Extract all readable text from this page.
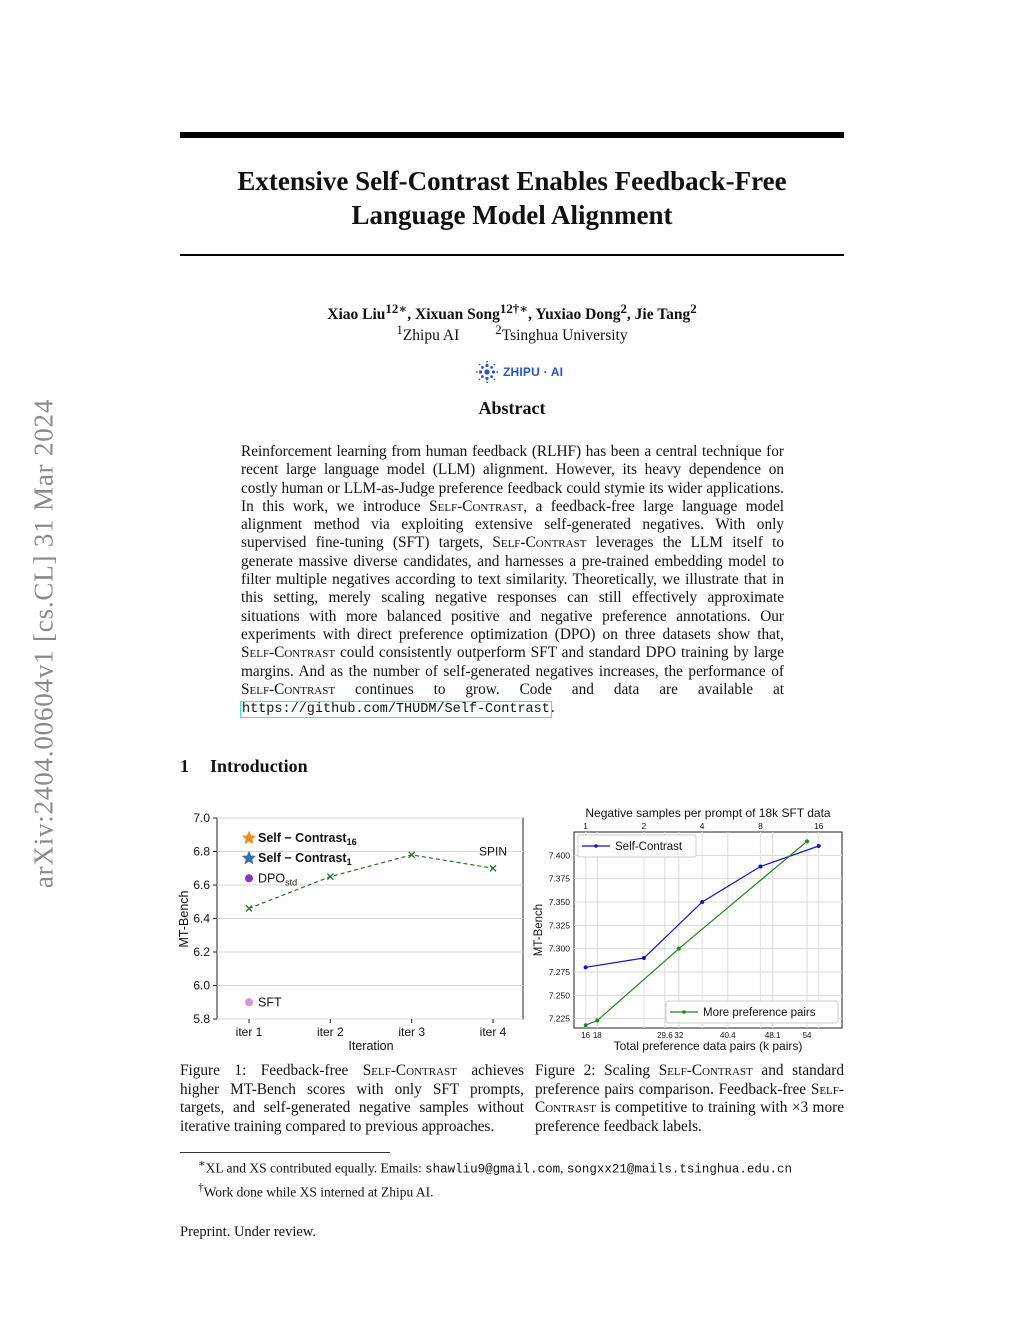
arXiv:2404.00604v1 [cs.CL] 31 Mar 2024
Extensive Self-Contrast Enables Feedback-Free
Language Model Alignment
Xiao Liu$^{12∗}$, Xixuan Song$^{12\dagger∗}$, Yuxiao Dong$^2$, Jie Tang$^2$
$^1$Zhipu AI	$^2$Tsinghua University
ZHIPU · AI
Abstract
Reinforcement learning from human feedback (RLHF) has been a central technique for recent large language model (LLM) alignment. However, its heavy dependence on costly human or LLM-as-Judge preference feedback could stymie its wider applications. In this work, we introduce Self-Contrast, a feedback-free large language model alignment method via exploiting extensive self-generated negatives. With only supervised fine-tuning (SFT) targets, Self-Contrast leverages the LLM itself to generate massive diverse candidates, and harnesses a pre-trained embedding model to filter multiple negatives according to text similarity. Theoretically, we illustrate that in this setting, merely scaling negative responses can still effectively approximate situations with more balanced positive and negative preference annotations. Our experiments with direct preference optimization (DPO) on three datasets show that, Self-Contrast could consistently outperform SFT and standard DPO training by large margins. And as the number of self-generated negatives increases, the performance of Self-Contrast continues to grow. Code and data are available at https://github.com/THUDM/Self-Contrast.
1 Introduction
5.8
6.0
6.2
6.4
6.6
6.8
7.0
iter 1	iter 2	iter 3	iter 4
Self − Contrast$_{16}$
Self − Contrast$_1$
$DPO_{std}$
SFT
SPIN
Iteration
MT-Bench
Negative samples per prompt of 18k SFT data
7.225
7.250
7.275
7.300
7.325
7.350
7.375
7.400
16 18	29.6 32	40.4	48.1	54
1	2	4	8	16
Self-Contrast
More preference pairs
Total preference data pairs (k pairs)
MT-Bench
Figure 1: Feedback-free Self-Contrast achieves higher MT-Bench scores with only SFT prompts, targets, and self-generated negative samples without iterative training compared to previous approaches.
Figure 2: Scaling Self-Contrast and standard preference pairs comparison. Feedback-free Self-Contrast is competitive to training with ×3 more preference feedback labels.
∗XL and XS contributed equally. Emails: shawliu9@gmail.com, songxx21@mails.tsinghua.edu.cn
†Work done while XS interned at Zhipu AI.
Preprint. Under review.
